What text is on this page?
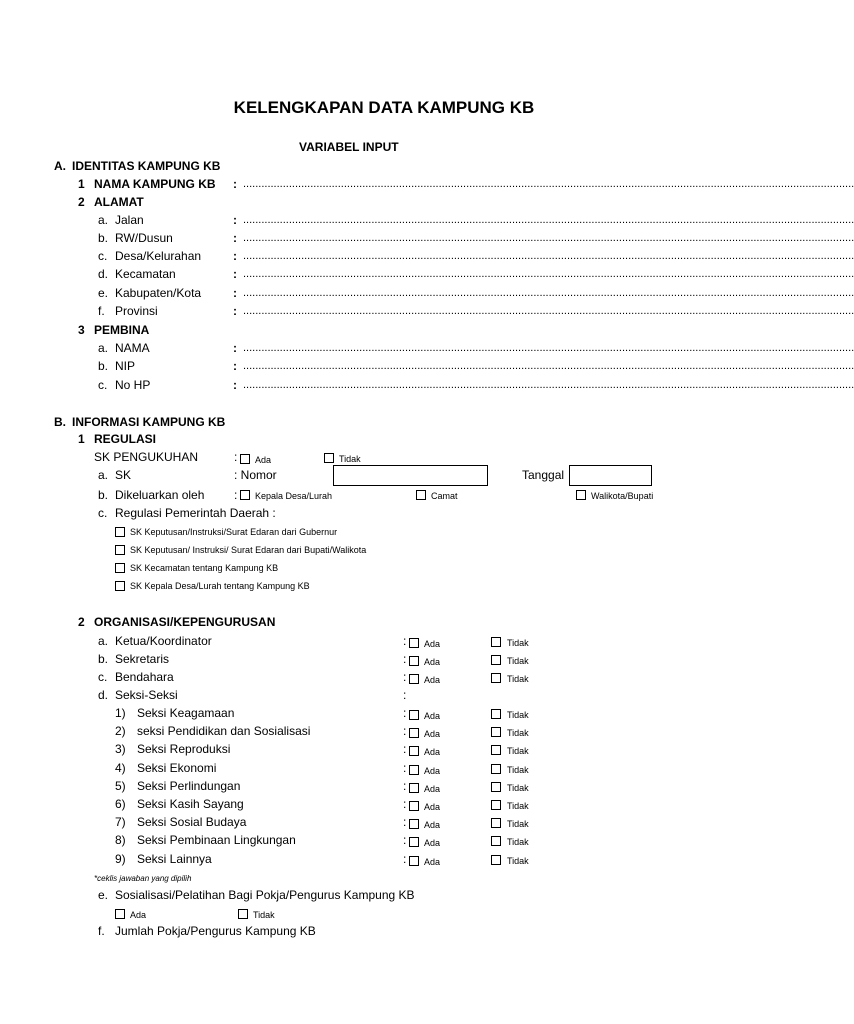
KELENGKAPAN DATA KAMPUNG KB
VARIABEL INPUT
A. IDENTITAS KAMPUNG KB
1 NAMA KAMPUNG KB : ........................................................................................................................................................................................................
2 ALAMAT
a. Jalan	: ........................................................................................................................................................................................................
b. RW/Dusun	: ........................................................................................................................................................................................................
c. Desa/Kelurahan	: ........................................................................................................................................................................................................
d. Kecamatan	: ........................................................................................................................................................................................................
e. Kabupaten/Kota	: ........................................................................................................................................................................................................
f. Provinsi	: ........................................................................................................................................................................................................
3 PEMBINA
a. NAMA	: ........................................................................................................................................................................................................
b. NIP	: ........................................................................................................................................................................................................
c. No HP	: ........................................................................................................................................................................................................
B. INFORMASI KAMPUNG KB
1 REGULASI
SK PENGUKUHAN	: Ada	Tidak
a. SK	: Nomor	Tanggal
b. Dikeluarkan oleh : Kepala Desa/Lurah	Camat	Walikota/Bupati
c. Regulasi Pemerintah Daerah :
SK Keputusan/Instruksi/Surat Edaran dari Gubernur
SK Keputusan/ Instruksi/ Surat Edaran dari Bupati/Walikota
SK Kecamatan tentang Kampung KB
SK Kepala Desa/Lurah tentang Kampung KB
2 ORGANISASI/KEPENGURUSAN
a. Ketua/Koordinator	: Ada	Tidak
b. Sekretaris	: Ada	Tidak
c. Bendahara	: Ada	Tidak
d. Seksi-Seksi	:
1) Seksi Keagamaan	: Ada	Tidak
2) seksi Pendidikan dan Sosialisasi	: Ada	Tidak
3) Seksi Reproduksi	: Ada	Tidak
4) Seksi Ekonomi	: Ada	Tidak
5) Seksi Perlindungan	: Ada	Tidak
6) Seksi Kasih Sayang	: Ada	Tidak
7) Seksi Sosial Budaya	: Ada	Tidak
8) Seksi Pembinaan Lingkungan	: Ada	Tidak
9) Seksi Lainnya	: Ada	Tidak
*ceklis jawaban yang dipilih
e. Sosialisasi/Pelatihan Bagi Pokja/Pengurus Kampung KB
Ada	Tidak
f. Jumlah Pokja/Pengurus Kampung KB
